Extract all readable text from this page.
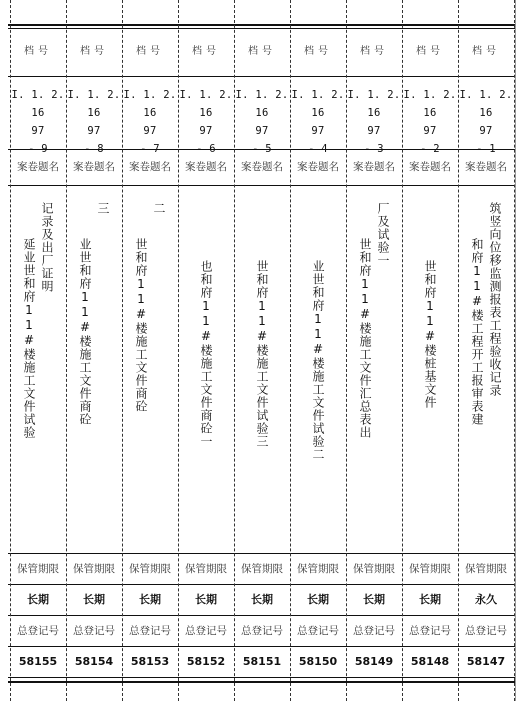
档号
I. 1. 2. 16
97
- 9
案卷题名
记录及出厂证明
延业世和府11#楼施工文件试验
保管期限
长期
总登记号
58155
档号
I. 1. 2. 16
97
- 8
案卷题名
三
业世和府11#楼施工文件商砼
保管期限
长期
总登记号
58154
档号
I. 1. 2. 16
97
- 7
案卷题名
二
世和府11#楼施工文件商砼
保管期限
长期
总登记号
58153
档号
I. 1. 2. 16
97
- 6
案卷题名
也和府11#楼施工文件商砼一
保管期限
长期
总登记号
58152
档号
I. 1. 2. 16
97
- 5
案卷题名
世和府11#楼施工文件试验三
保管期限
长期
总登记号
58151
档号
I. 1. 2. 16
97
- 4
案卷题名
业世和府11#楼施工文件试验二
保管期限
长期
总登记号
58150
档号
I. 1. 2. 16
97
- 3
案卷题名
厂及试验一
世和府11#楼施工文件汇总表出
保管期限
长期
总登记号
58149
档号
I. 1. 2. 16
97
- 2
案卷题名
世和府11#楼桩基文件
保管期限
长期
总登记号
58148
档号
I. 1. 2. 16
97
- 1
案卷题名
筑竖向位移监测报表工程验收记录
和府11#楼工程开工报审表建
保管期限
永久
总登记号
58147
